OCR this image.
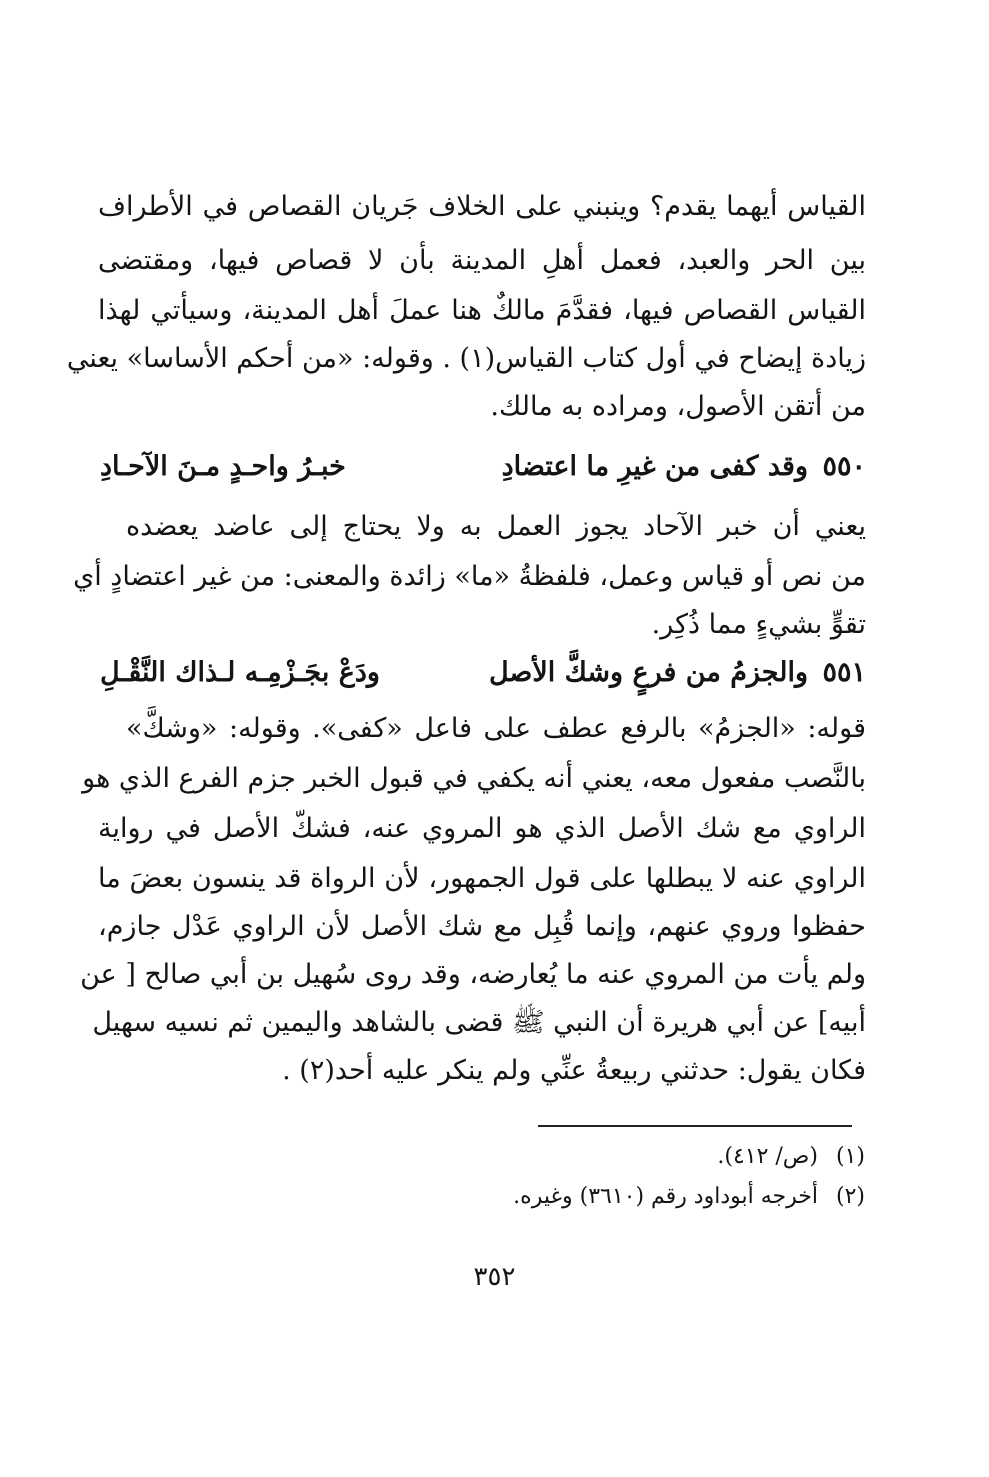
القياس أيهما يقدم؟ وينبني على الخلاف جَريان القصاص في الأطراف
بين الحر والعبد، فعمل أهلِ المدينة بأن لا قصاص فيها، ومقتضى
القياس القصاص فيها، فقدَّمَ مالكٌ هنا عملَ أهل المدينة، وسيأتي لهذا
زيادة إيضاح في أول كتاب القياس(١) . وقوله: «من أحكم الأساسا» يعني
من أتقن الأصول، ومراده به مالك.
٥٥٠
وقد كفى من غيرِ ما اعتضادِ
خبـرُ واحـدٍ مـنَ الآحـادِ
يعني أن خبر الآحاد يجوز العمل به ولا يحتاج إلى عاضد يعضده
من نص أو قياس وعمل، فلفظةُ «ما» زائدة والمعنى: من غير اعتضادٍ أي
تقوٍّ بشيءٍ مما ذُكِر.
٥٥١
والجزمُ من فرعٍ وشكَّ الأصل
ودَعْ بجَـزْمِـه لـذاك النَّقْـلِ
قوله: «الجزمُ» بالرفع عطف على فاعل «كفى». وقوله: «وشكَّ»
بالنَّصب مفعول معه، يعني أنه يكفي في قبول الخبر جزم الفرع الذي هو
الراوي مع شك الأصل الذي هو المروي عنه، فشكّ الأصل في رواية
الراوي عنه لا يبطلها على قول الجمهور، لأن الرواة قد ينسون بعضَ ما
حفظوا وروي عنهم، وإنما قُبِل مع شك الأصل لأن الراوي عَدْل جازم،
ولم يأت من المروي عنه ما يُعارضه، وقد روى سُهيل بن أبي صالح [ عن
أبيه] عن أبي هريرة أن النبي ﷺ قضى بالشاهد واليمين ثم نسيه سهيل
فكان يقول: حدثني ربيعةُ عنِّي ولم ينكر عليه أحد(٢) .
(١)(ص/ ٤١٢).
(٢)أخرجه أبوداود رقم (٣٦١٠) وغيره.
٣٥٢
